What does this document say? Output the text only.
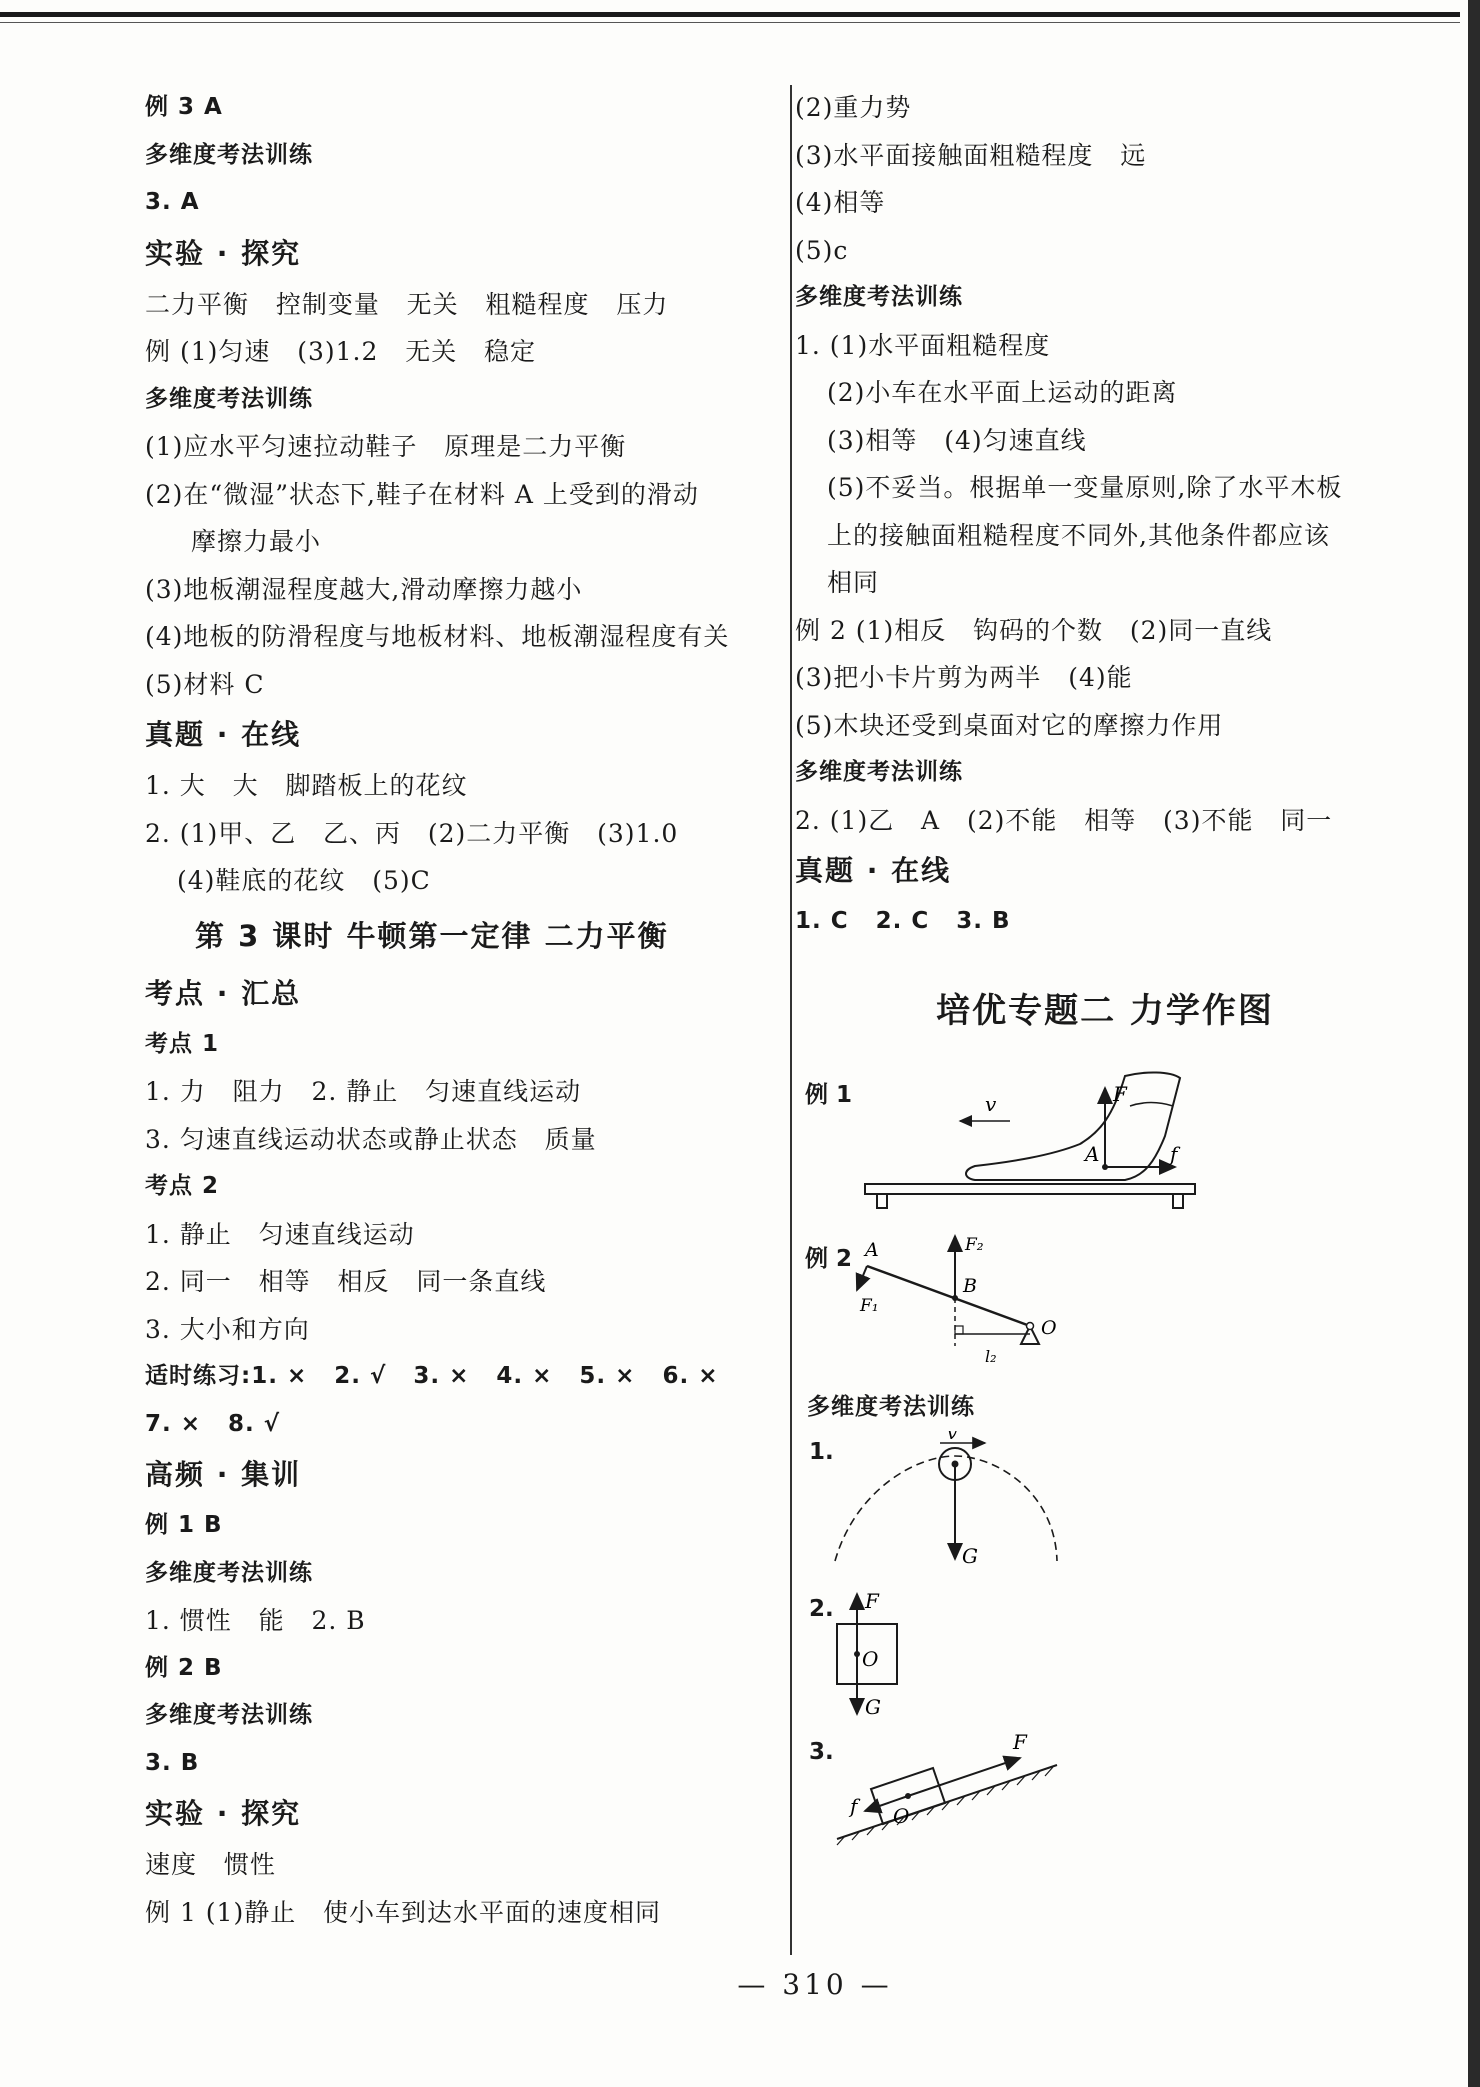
例 3 A
多维度考法训练
3. A
实验 · 探究
二力平衡   控制变量   无关   粗糙程度   压力
例 (1)匀速   (3)1.2   无关   稳定
多维度考法训练
(1)应水平匀速拉动鞋子   原理是二力平衡
(2)在“微湿”状态下,鞋子在材料 A 上受到的滑动
摩擦力最小
(3)地板潮湿程度越大,滑动摩擦力越小
(4)地板的防滑程度与地板材料、地板潮湿程度有关
(5)材料 C
真题 · 在线
1. 大   大   脚踏板上的花纹
2. (1)甲、乙   乙、丙   (2)二力平衡   (3)1.0
(4)鞋底的花纹   (5)C
第 3 课时 牛顿第一定律 二力平衡
考点 · 汇总
考点 1
1. 力   阻力   2. 静止   匀速直线运动
3. 匀速直线运动状态或静止状态   质量
考点 2
1. 静止   匀速直线运动
2. 同一   相等   相反   同一条直线
3. 大小和方向
适时练习:1. ×   2. √   3. ×   4. ×   5. ×   6. ×
7. ×   8. √
高频 · 集训
例 1 B
多维度考法训练
1. 惯性   能   2. B
例 2 B
多维度考法训练
3. B
实验 · 探究
速度   惯性
例 1 (1)静止   使小车到达水平面的速度相同
(2)重力势
(3)水平面接触面粗糙程度   远
(4)相等
(5)c
多维度考法训练
1. (1)水平面粗糙程度
(2)小车在水平面上运动的距离
(3)相等   (4)匀速直线
(5)不妥当。根据单一变量原则,除了水平木板
上的接触面粗糙程度不同外,其他条件都应该
相同
例 2 (1)相反   钩码的个数   (2)同一直线
(3)把小卡片剪为两半   (4)能
(5)木块还受到桌面对它的摩擦力作用
多维度考法训练
2. (1)乙   A   (2)不能   相等   (3)不能   同一
真题 · 在线
1. C   2. C   3. B
培优专题二 力学作图
例 1	v	F
A	f
例 2 A
F₁
F₂
B
O
l₂
多维度考法训练
1.
v
G
2. F
O
G
3.	F
f O
— 310 —
